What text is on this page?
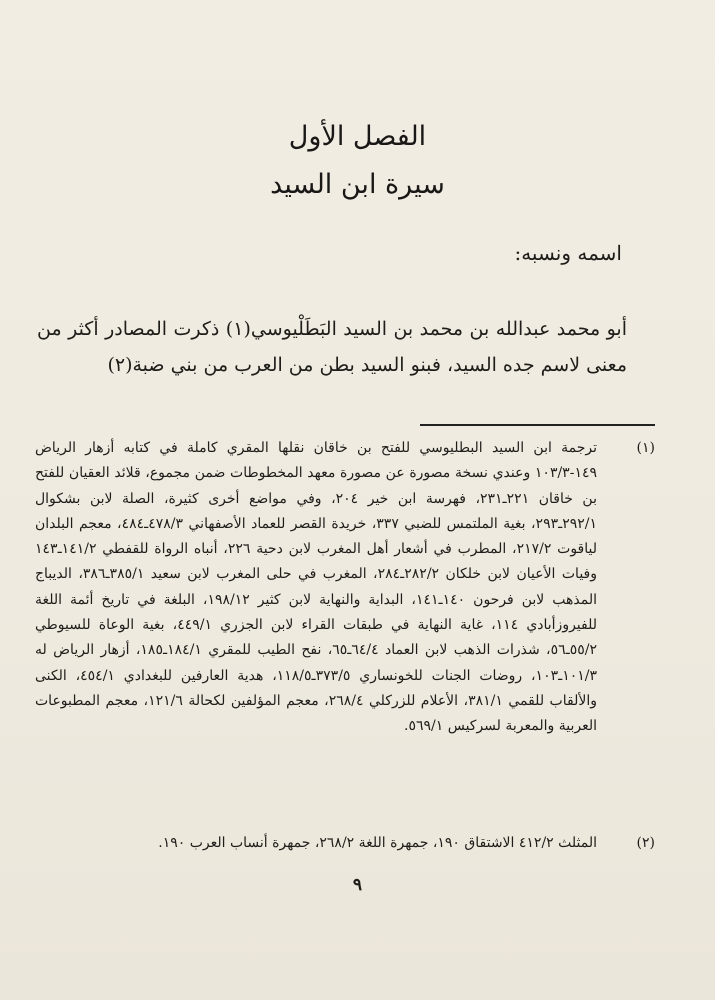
الفصل الأول
سيرة ابن السيد
اسمه ونسبه:
أبو محمد عبدالله بن محمد بن السيد البَطَلْيوسي(١) ذكرت المصادر أكثر من معنى لاسم جده السيد، فبنو السيد بطن من العرب من بني ضبة(٢)
(١)
ترجمة ابن السيد البطليوسي للفتح بن خاقان نقلها المقري كاملة في كتابه أزهار الرياض ١٤٩-١٠٣/٣ وعندي نسخة مصورة عن مصورة معهد المخطوطات ضمن مجموع، قلائد العقيان للفتح بن خاقان ٢٢١ـ٢٣١، فهرسة ابن خير ٢٠٤، وفي مواضع أخرى كثيرة، الصلة لابن بشكوال ٢٩٢/١ـ٢٩٣، بغية الملتمس للضبي ٣٣٧، خريدة القصر للعماد الأصفهاني ٤٧٨/٣ـ٤٨٤، معجم البلدان لياقوت ٢١٧/٢، المطرب في أشعار أهل المغرب لابن دحية ٢٢٦، أنباه الرواة للقفطي ١٤١/٢ـ١٤٣ وفيات الأعيان لابن خلكان ٢٨٢/٢ـ٢٨٤، المغرب في حلى المغرب لابن سعيد ٣٨٥/١ـ٣٨٦، الديباج المذهب لابن فرحون ١٤٠ـ١٤١، البداية والنهاية لابن كثير ١٩٨/١٢، البلغة في تاريخ أئمة اللغة للفيروزأبادي ١١٤، غاية النهاية في طبقات القراء لابن الجزري ٤٤٩/١، بغية الوعاة للسيوطي ٥٥/٢ـ٥٦، شذرات الذهب لابن العماد ٦٤/٤ـ٦٥، نفح الطيب للمقري ١٨٤/١ـ١٨٥، أزهار الرياض له ١٠١/٣ـ١٠٣، روضات الجنات للخونساري ٣٧٣/٥ـ١١٨/٥، هدية العارفين للبغدادي ٤٥٤/١، الكنى والألقاب للقمي ٣٨١/١، الأعلام للزركلي ٢٦٨/٤، معجم المؤلفين لكحالة ١٢١/٦، معجم المطبوعات العربية والمعربة لسركيس ٥٦٩/١.
(٢)
المثلث ٤١٢/٢ الاشتقاق ١٩٠، جمهرة اللغة ٢٦٨/٢، جمهرة أنساب العرب ١٩٠.
٩
